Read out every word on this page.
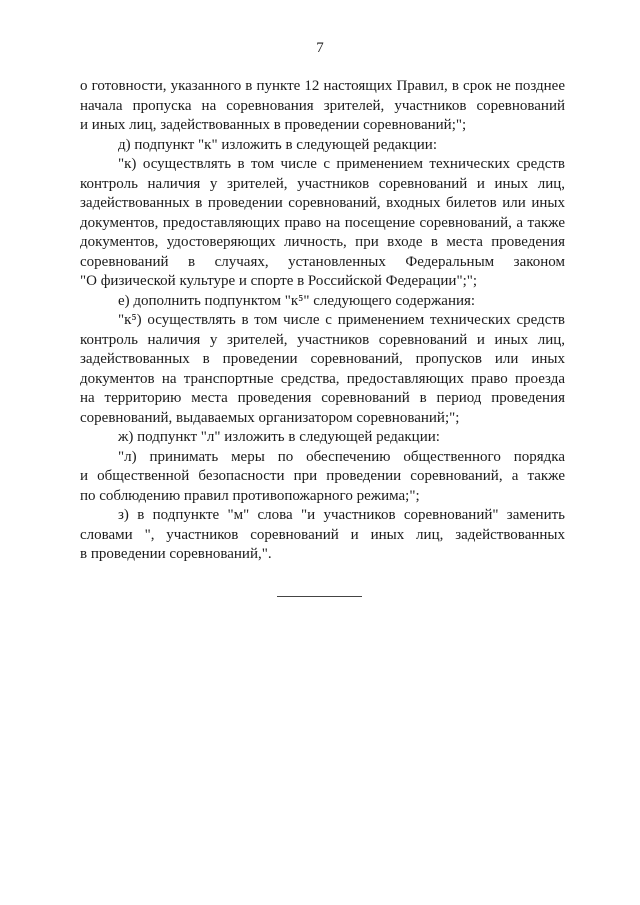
7
о готовности, указанного в пункте 12 настоящих Правил, в срок не позднее
начала пропуска на соревнования зрителей, участников соревнований
и иных лиц, задействованных в проведении соревнований;";
д) подпункт "к" изложить в следующей редакции:
"к) осуществлять в том числе с применением технических средств
контроль наличия у зрителей, участников соревнований и иных лиц,
задействованных в проведении соревнований, входных билетов или иных
документов, предоставляющих право на посещение соревнований, а также
документов, удостоверяющих личность, при входе в места проведения
соревнований в случаях, установленных Федеральным законом
"О физической культуре и спорте в Российской Федерации";";
е) дополнить подпунктом "к⁵" следующего содержания:
"к⁵) осуществлять в том числе с применением технических средств
контроль наличия у зрителей, участников соревнований и иных лиц,
задействованных в проведении соревнований, пропусков или иных
документов на транспортные средства, предоставляющих право проезда
на территорию места проведения соревнований в период проведения
соревнований, выдаваемых организатором соревнований;";
ж) подпункт "л" изложить в следующей редакции:
"л) принимать меры по обеспечению общественного порядка
и общественной безопасности при проведении соревнований, а также
по соблюдению правил противопожарного режима;";
з) в подпункте "м" слова "и участников соревнований" заменить
словами ", участников соревнований и иных лиц, задействованных
в проведении соревнований,".
